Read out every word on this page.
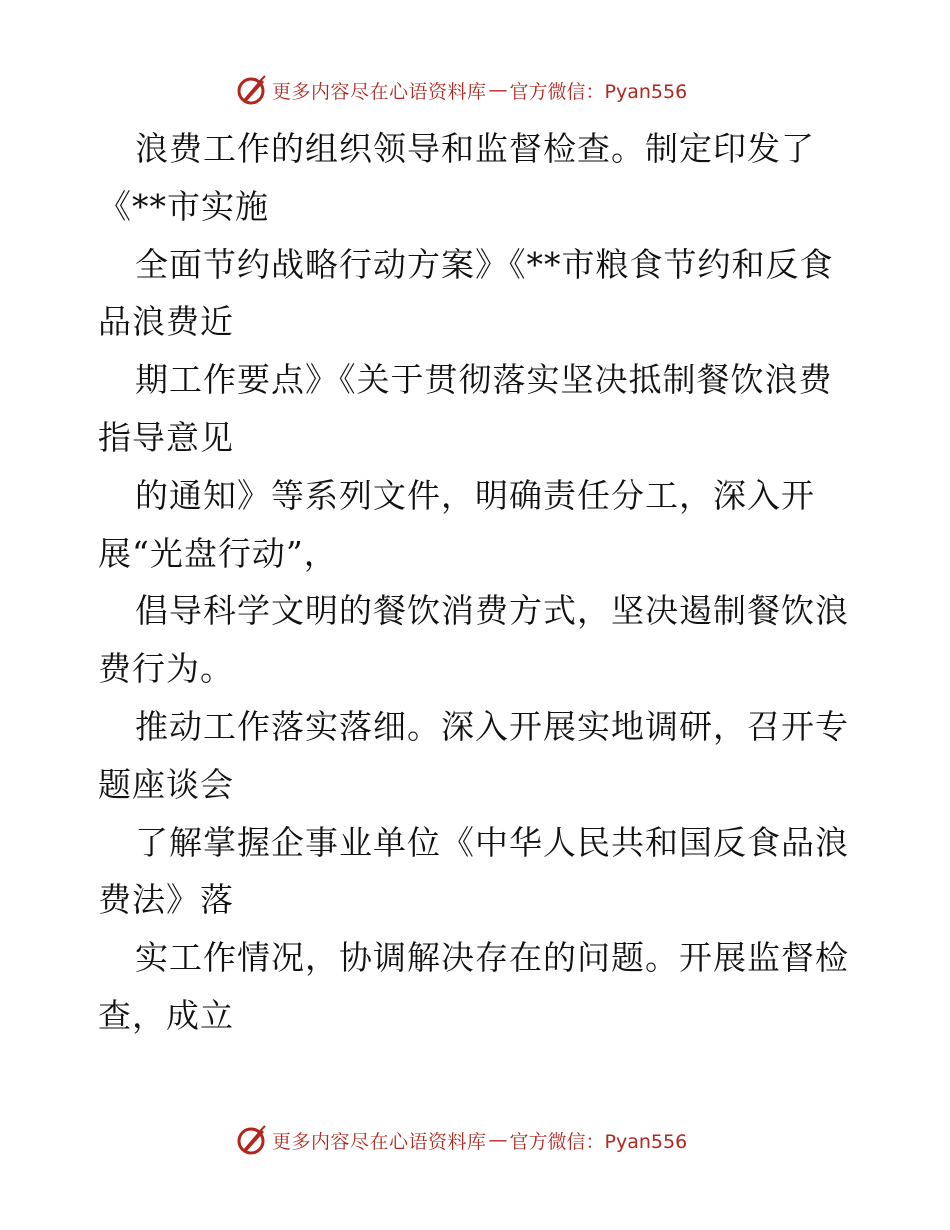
更多内容尽在心语资料库 — 官方微信：Pyan556
浪费工作的组织领导和监督检查。制定印发了
《**市实施
全面节约战略行动方案》《**市粮食节约和反食
品浪费近
期工作要点》《关于贯彻落实坚决抵制餐饮浪费
指导意见
的通知》等系列文件，明确责任分工，深入开
展“光盘行动”，
倡导科学文明的餐饮消费方式，坚决遏制餐饮浪
费行为。
推动工作落实落细。深入开展实地调研，召开专
题座谈会
了解掌握企事业单位《中华人民共和国反食品浪
费法》落
实工作情况，协调解决存在的问题。开展监督检
查，成立
更多内容尽在心语资料库 — 官方微信：Pyan556
